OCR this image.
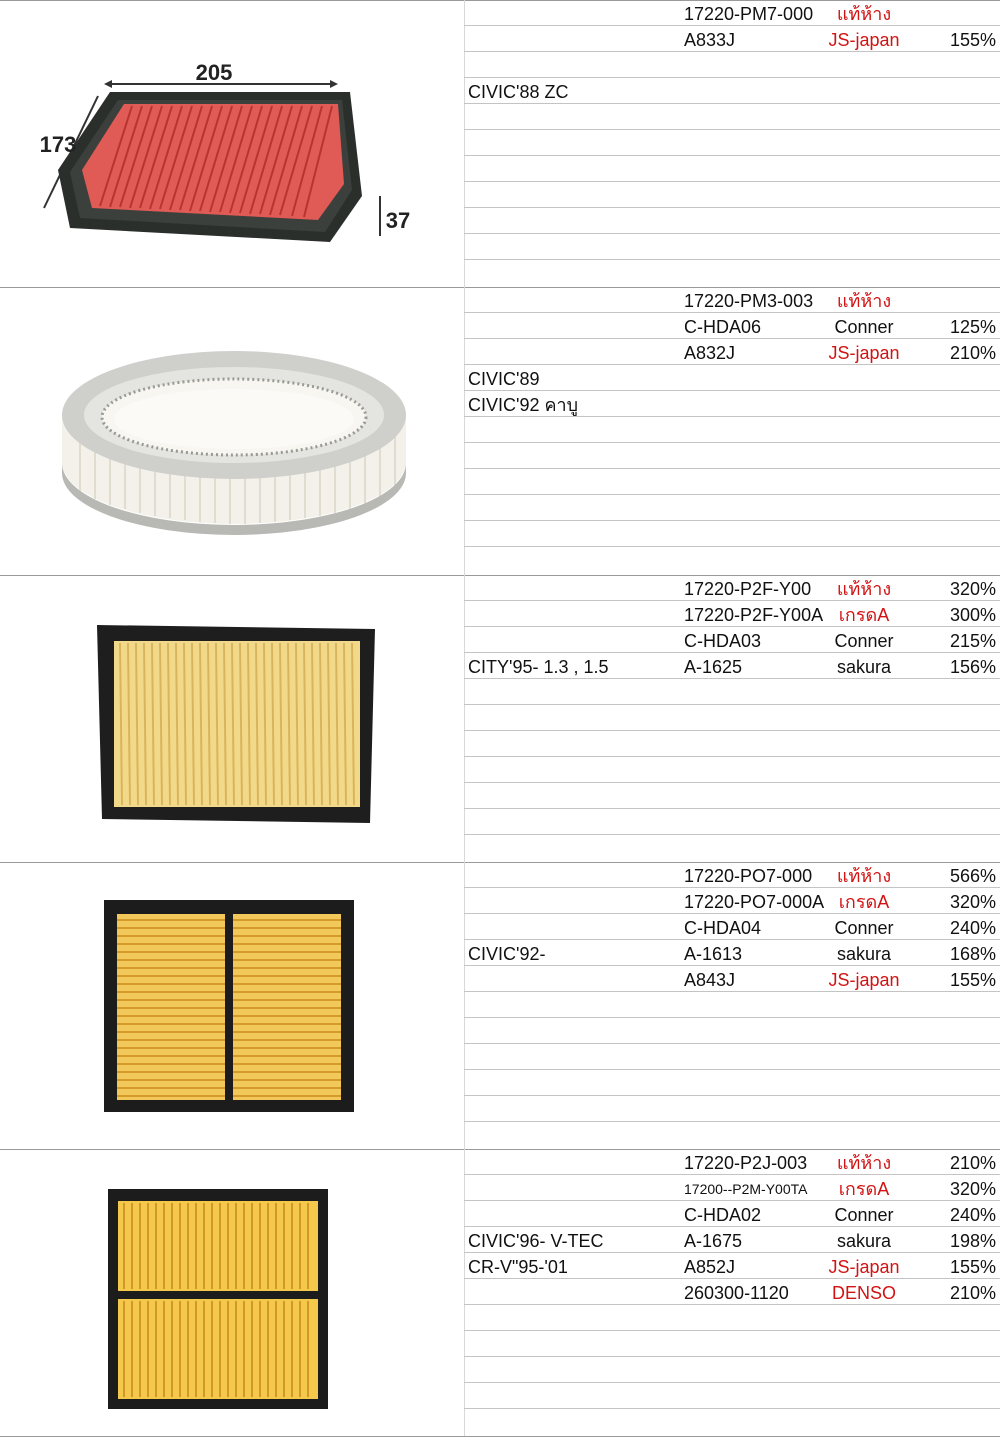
205
173
37
17220-PM7-000	แท้ห้าง
A833J	JS-japan	155%
CIVIC'88 ZC
17220-PM3-003	แท้ห้าง
C-HDA06	Conner	125%
A832J	JS-japan	210%
CIVIC'89
CIVIC'92 คาบู
17220-P2F-Y00	แท้ห้าง	320%
17220-P2F-Y00A เกรดA	300%
C-HDA03	Conner	215%
A-1625	sakura	156%
CITY'95- 1.3 , 1.5
17220-PO7-000	แท้ห้าง	566%
17220-PO7-000A เกรดA	320%
C-HDA04	Conner	240%
A-1613	sakura	168%
A843J	JS-japan	155%
CIVIC'92-
17220-P2J-003	แท้ห้าง	210%
17200--P2M-Y00TA	เกรดA	320%
C-HDA02	Conner	240%
A-1675	sakura	198%
A852J	JS-japan	155%
260300-1120	DENSO	210%
CIVIC'96- V-TEC
CR-V"95-'01
